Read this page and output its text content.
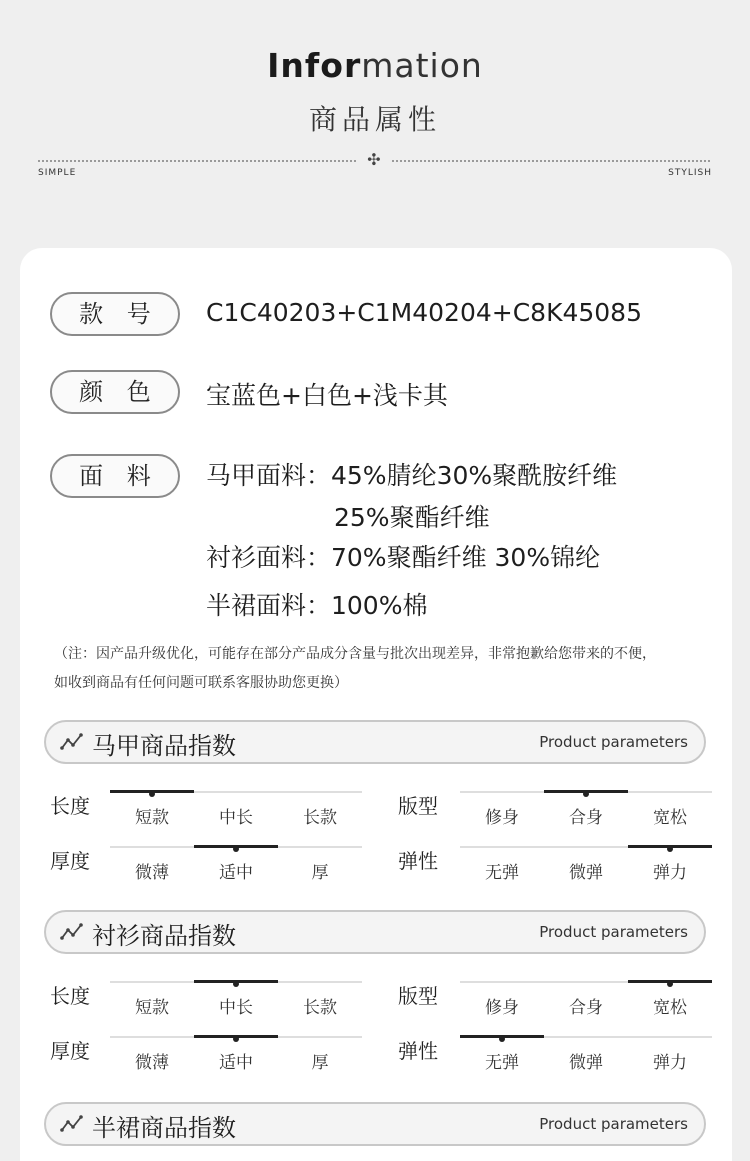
Information
商品属性
✣
SIMPLE	STYLISH
款 号	C1C40203+C1M40204+C8K45085
颜 色	宝蓝色+白色+浅卡其
面 料	马甲面料：45%腈纶30%聚酰胺纤维
25%聚酯纤维
衬衫面料：70%聚酯纤维 30%锦纶
半裙面料：100%棉
（注：因产品升级优化，可能存在部分产品成分含量与批次出现差异，非常抱歉给您带来的不便，
如收到商品有任何问题可联系客服协助您更换）
马甲商品指数	Product parameters
长度	短款	中长	长款	版型	修身	合身	宽松
厚度	微薄	适中	厚	弹性	无弹	微弹	弹力
衬衫商品指数	Product parameters
长度	短款	中长	长款	版型	修身	合身	宽松
厚度	微薄	适中	厚	弹性	无弹	微弹	弹力
半裙商品指数	Product parameters
